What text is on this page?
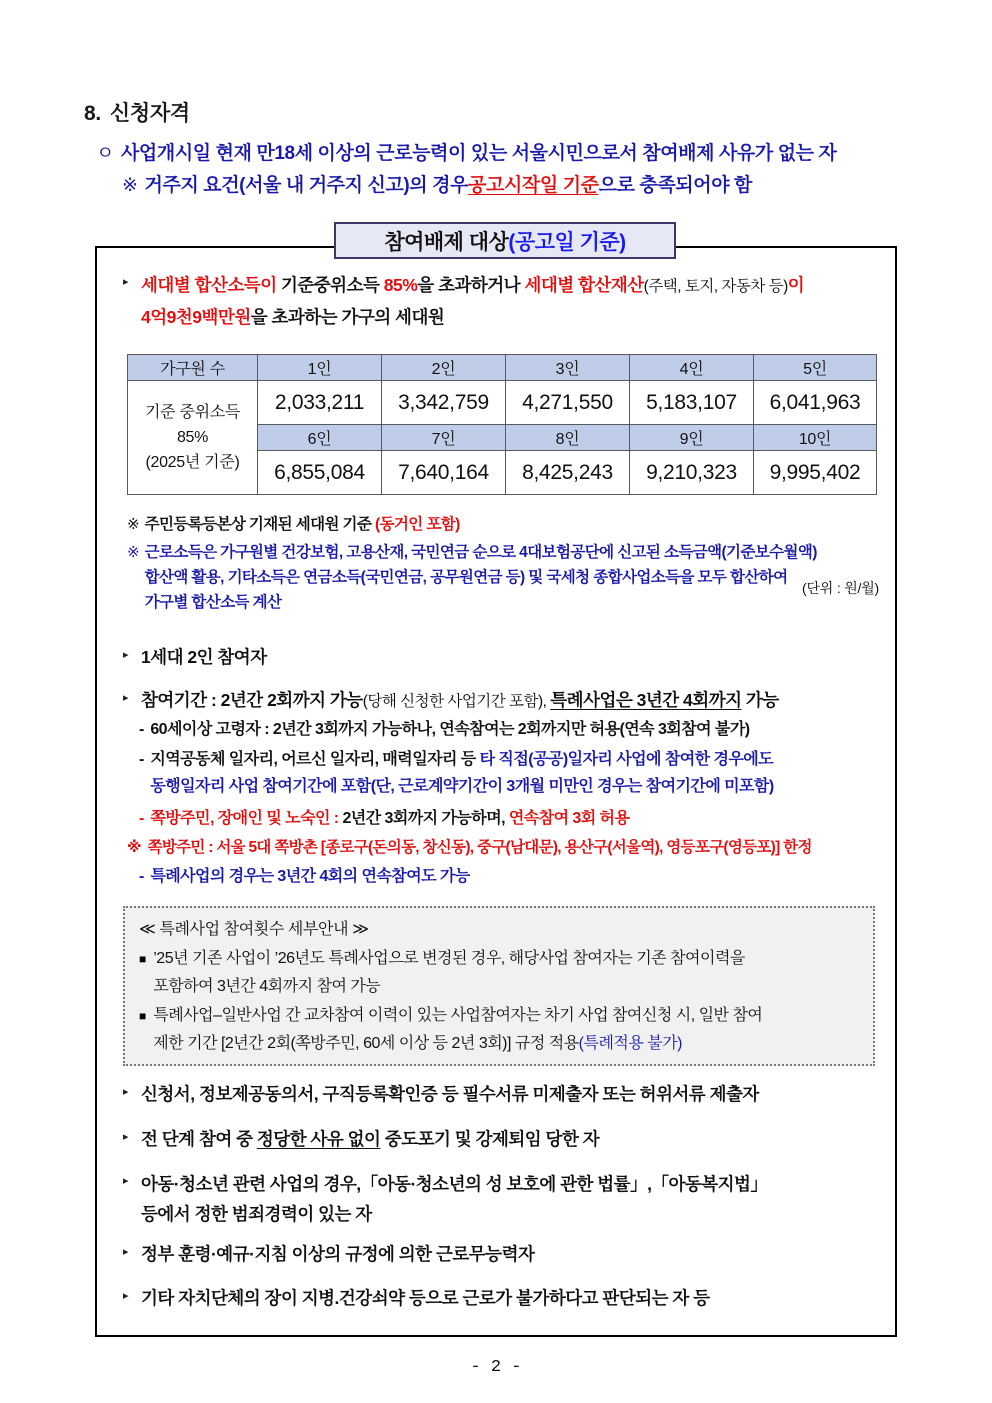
8. 신청자격
ㅇ 사업개시일 현재 만18세 이상의 근로능력이 있는 서울시민으로서 참여배제 사유가 없는 자
※ 거주지 요건(서울 내 거주지 신고)의 경우 공고시작일 기준 으로 충족되어야 함
참여배제 대상 (공고일 기준)
▸ 세대별 합산소득이 기준중위소득 85%을 초과하거나 세대별 합산재산(주택, 토지, 자동차 등)이
4억9천9백만원을 초과하는 가구의 세대원
(단위 : 원/월)
가구원 수	1인	2인	3인	4인	5인

기준 중위소득
85%
(2025년 기준)	2,033,211	3,342,759	4,271,550	5,183,107	6,041,963
	6인	7인	8인	9인	10인
	6,855,084	7,640,164	8,425,243	9,210,323	9,995,402
※ 주민등록등본상 기재된 세대원 기준 (동거인 포함)
※ 근로소득은 가구원별 건강보험, 고용산재, 국민연금 순으로 4대보험공단에 신고된 소득금액(기준보수월액)
합산액 활용, 기타소득은 연금소득(국민연금, 공무원연금 등) 및 국세청 종합사업소득을 모두 합산하여
가구별 합산소득 계산
▸ 1세대 2인 참여자
▸ 참여기간 : 2년간 2회까지 가능(당해 신청한 사업기간 포함), 특례사업은 3년간 4회까지 가능
- 60세이상 고령자 : 2년간 3회까지 가능하나, 연속참여는 2회까지만 허용(연속 3회참여 불가)
- 지역공동체 일자리, 어르신 일자리, 매력일자리 등 타 직접(공공)일자리 사업에 참여한 경우에도
동행일자리 사업 참여기간에 포함(단, 근로계약기간이 3개월 미만인 경우는 참여기간에 미포함)
- 쪽방주민, 장애인 및 노숙인 : 2년간 3회까지 가능하며, 연속참여 3회 허용
※ 쪽방주민 : 서울 5대 쪽방촌 [종로구(돈의동, 창신동), 중구(남대문), 용산구(서울역), 영등포구(영등포)] 한정
- 특례사업의 경우는 3년간 4회의 연속참여도 가능
≪ 특례사업 참여횟수 세부안내 ≫
■ ’25년 기존 사업이 ’26년도 특례사업으로 변경된 경우, 해당사업 참여자는 기존 참여이력을
포함하여 3년간 4회까지 참여 가능
■ 특례사업–일반사업 간 교차참여 이력이 있는 사업참여자는 차기 사업 참여신청 시, 일반 참여
제한 기간 [2년간 2회(쪽방주민, 60세 이상 등 2년 3회)] 규정 적용(특례적용 불가)
▸ 신청서, 정보제공동의서, 구직등록확인증 등 필수서류 미제출자 또는 허위서류 제출자
▸ 전 단계 참여 중 정당한 사유 없이 중도포기 및 강제퇴임 당한 자
▸ 아동·청소년 관련 사업의 경우,「아동·청소년의 성 보호에 관한 법률」,「아동복지법」
등에서 정한 범죄경력이 있는 자
▸ 정부 훈령·예규·지침 이상의 규정에 의한 근로무능력자
▸ 기타 자치단체의 장이 지병.건강쇠약 등으로 근로가 불가하다고 판단되는 자 등
- 2 -
